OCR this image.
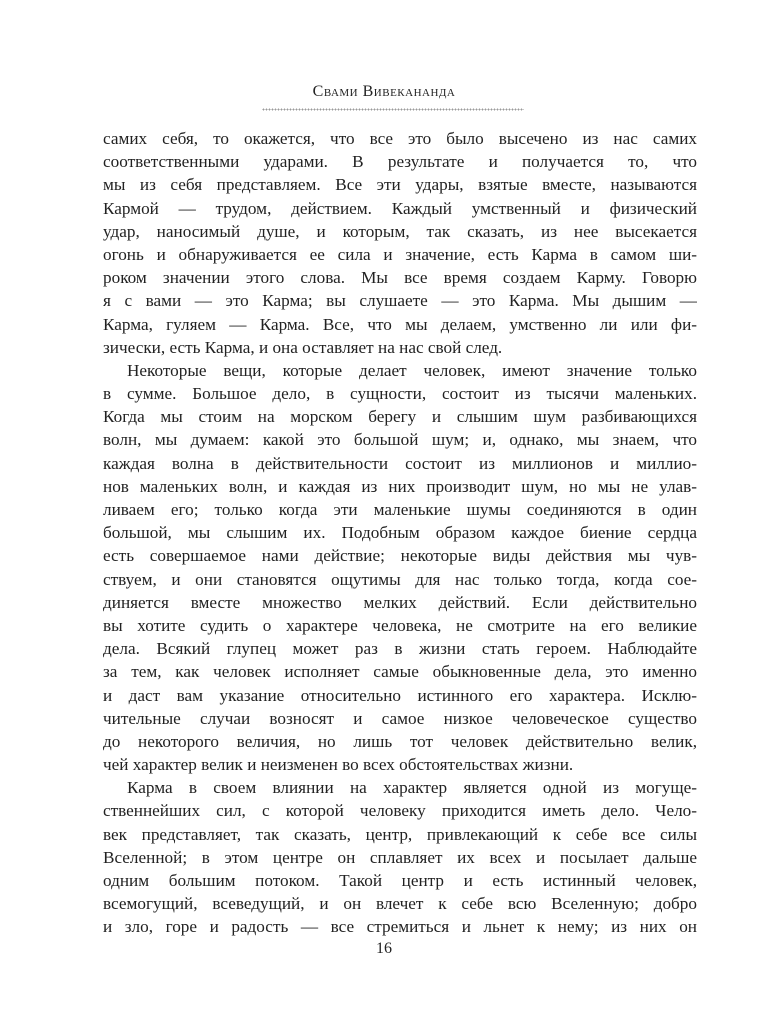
Свами Вивекананда
самих себя, то окажется, что все это было высечено из нас самих
соответственными ударами. В результате и получается то, что
мы из себя представляем. Все эти удары, взятые вместе, называются
Кармой — трудом, действием. Каждый умственный и физический
удар, наносимый душе, и которым, так сказать, из нее высекается
огонь и обнаруживается ее сила и значение, есть Карма в самом ши-
роком значении этого слова. Мы все время создаем Карму. Говорю
я с вами — это Карма; вы слушаете — это Карма. Мы дышим —
Карма, гуляем — Карма. Все, что мы делаем, умственно ли или фи-
зически, есть Карма, и она оставляет на нас свой след.
Некоторые вещи, которые делает человек, имеют значение только
в сумме. Большое дело, в сущности, состоит из тысячи маленьких.
Когда мы стоим на морском берегу и слышим шум разбивающихся
волн, мы думаем: какой это большой шум; и, однако, мы знаем, что
каждая волна в действительности состоит из миллионов и миллио-
нов маленьких волн, и каждая из них производит шум, но мы не улав-
ливаем его; только когда эти маленькие шумы соединяются в один
большой, мы слышим их. Подобным образом каждое биение сердца
есть совершаемое нами действие; некоторые виды действия мы чув-
ствуем, и они становятся ощутимы для нас только тогда, когда сое-
диняется вместе множество мелких действий. Если действительно
вы хотите судить о характере человека, не смотрите на его великие
дела. Всякий глупец может раз в жизни стать героем. Наблюдайте
за тем, как человек исполняет самые обыкновенные дела, это именно
и даст вам указание относительно истинного его характера. Исклю-
чительные случаи возносят и самое низкое человеческое существо
до некоторого величия, но лишь тот человек действительно велик,
чей характер велик и неизменен во всех обстоятельствах жизни.
Карма в своем влиянии на характер является одной из могуще-
ственнейших сил, с которой человеку приходится иметь дело. Чело-
век представляет, так сказать, центр, привлекающий к себе все силы
Вселенной; в этом центре он сплавляет их всех и посылает дальше
одним большим потоком. Такой центр и есть истинный человек,
всемогущий, всеведущий, и он влечет к себе всю Вселенную; добро
и зло, горе и радость — все стремиться и льнет к нему; из них он
16
